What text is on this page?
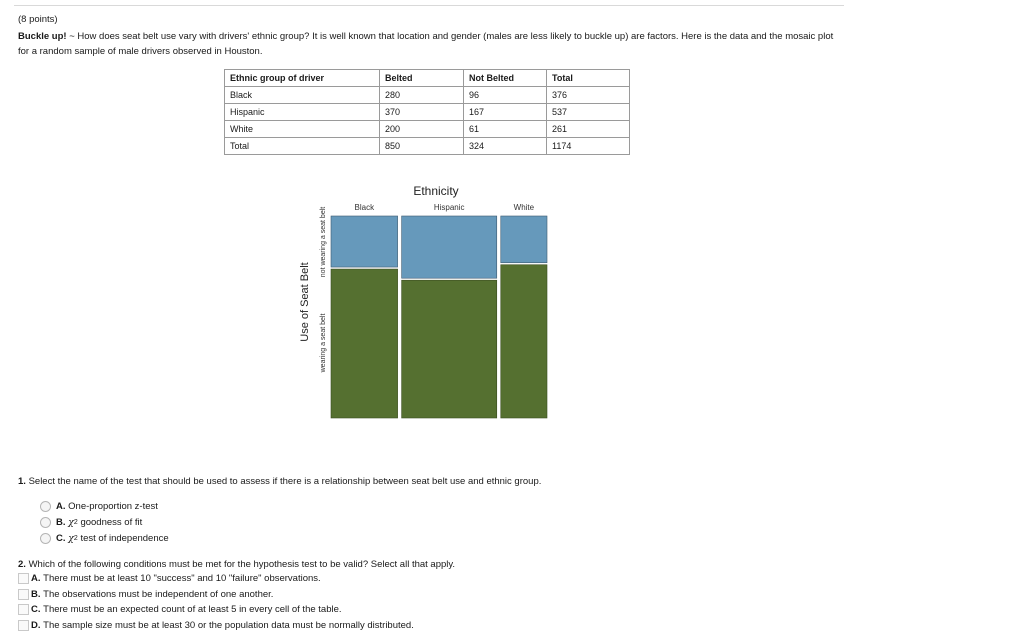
(8 points)
Buckle up! ~ How does seat belt use vary with drivers' ethnic group? It is well known that location and gender (males are less likely to buckle up) are factors. Here is the data and the mosaic plot for a random sample of male drivers observed in Houston.
Ethnic group of driver	Belted	Not Belted	Total
Black	280	96	376
Hispanic	370	167	537
White	200	61	261
Total	850	324	1174
Ethnicity
Use of Seat Belt
not wearing a seat belt
wearing a seat belt
Black	Hispanic	White
1. Select the name of the test that should be used to assess if there is a relationship between seat belt use and ethnic group.
A.
One-proportion z-test
B.
χ 2
goodness of fit
C.
χ 2
test of independence
2. Which of the following conditions must be met for the hypothesis test to be valid? Select all that apply.
A.
There must be at least 10 "success" and 10 "failure" observations.
B.
The observations must be independent of one another.
C.
There must be an expected count of at least 5 in every cell of the table.
D.
The sample size must be at least 30 or the population data must be normally distributed.
